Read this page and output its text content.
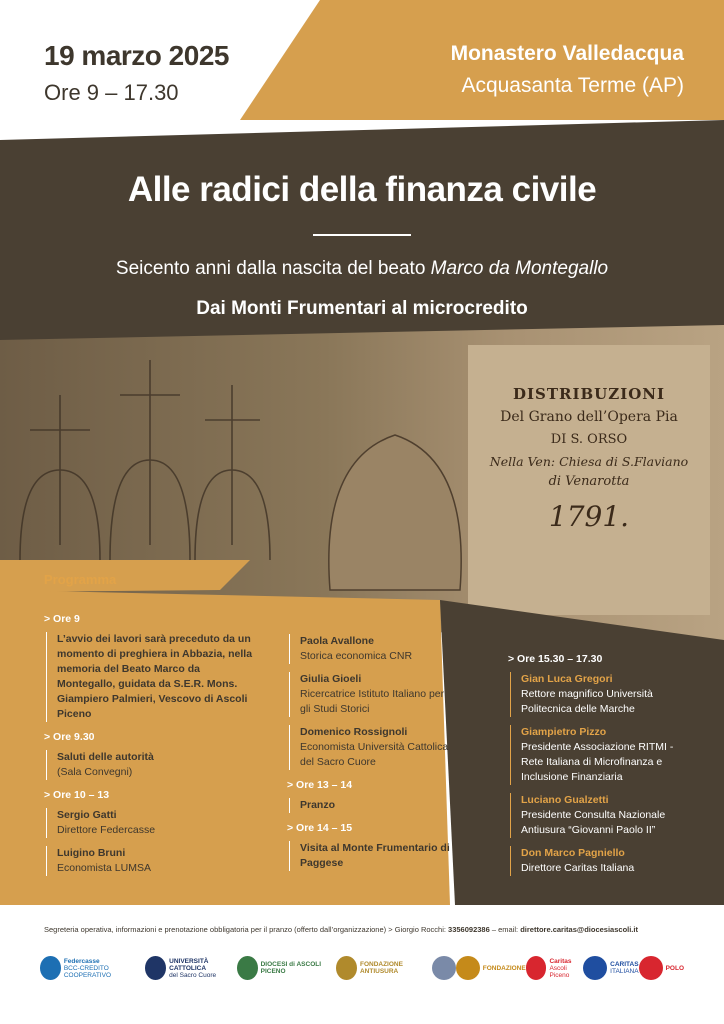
19 marzo 2025
Ore 9 – 17.30
Monastero Valledacqua
Acquasanta Terme (AP)
Alle radici della finanza civile
Seicento anni dalla nascita del beato Marco da Montegallo
Dai Monti Frumentari al microcredito
DISTRIBUZIONI
Del Grano dell’Opera Pia
DI S. ORSO
Nella Ven: Chiesa di S.Flaviano
di Venarotta
1791.
Programma
> Ore 9
L’avvio dei lavori sarà preceduto da un momento di preghiera in Abbazia, nella memoria del Beato Marco da Montegallo, guidata da S.E.R. Mons. Giampiero Palmieri, Vescovo di Ascoli Piceno
> Ore 9.30
Saluti delle autorità
(Sala Convegni)
> Ore 10 – 13
Sergio Gatti
Direttore Federcasse
Luigino Bruni
Economista LUMSA
Paola Avallone
Storica economica CNR
Giulia Gioeli
Ricercatrice Istituto Italiano per gli Studi Storici
Domenico Rossignoli
Economista Università Cattolica del Sacro Cuore
> Ore 13 – 14
Pranzo
> Ore 14 – 15
Visita al Monte Frumentario di Paggese
> Ore 15.30 – 17.30
Gian Luca Gregori
Rettore magnifico Università Politecnica delle Marche
Giampietro Pizzo
Presidente Associazione RITMI - Rete Italiana di Microfinanza e Inclusione Finanziaria
Luciano Gualzetti
Presidente Consulta Nazionale Antiusura “Giovanni Paolo II”
Don Marco Pagniello
Direttore Caritas Italiana
Segreteria operativa, informazioni e prenotazione obbligatoria per il pranzo (offerto dall’organizzazione) > Giorgio Rocchi: 3356092386 – email: direttore.caritas@diocesiascoli.it
Federcasse
BCC-CREDITO COOPERATIVO
UNIVERSITÀ CATTOLICA
del Sacro Cuore
DIOCESI di ASCOLI PICENO
FONDAZIONE ANTIUSURA	FONDAZIONE
Caritas
Ascoli Piceno
CARITAS
ITALIANA	POLO
